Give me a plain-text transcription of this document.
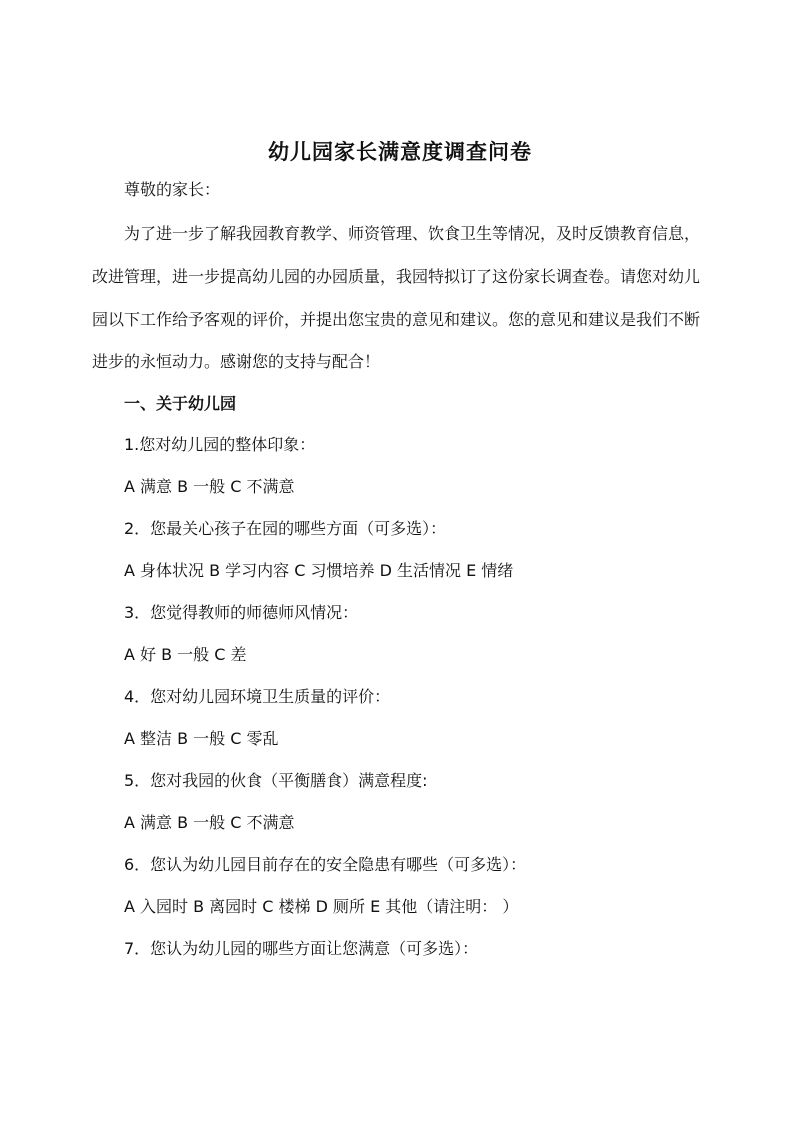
幼儿园家长满意度调查问卷
尊敬的家长：
为了进一步了解我园教育教学、师资管理、饮食卫生等情况，及时反馈教育信息，
改进管理，进一步提高幼儿园的办园质量，我园特拟订了这份家长调查卷。请您对幼儿
园以下工作给予客观的评价，并提出您宝贵的意见和建议。您的意见和建议是我们不断
进步的永恒动力。感谢您的支持与配合！
一、关于幼儿园
1.您对幼儿园的整体印象：
A 满意 B 一般 C 不满意
2．您最关心孩子在园的哪些方面（可多选）：
A 身体状况 B 学习内容 C 习惯培养 D 生活情况 E 情绪
3．您觉得教师的师德师风情况：
A 好 B 一般 C 差
4．您对幼儿园环境卫生质量的评价：
A 整洁 B 一般 C 零乱
5．您对我园的伙食（平衡膳食）满意程度:
A 满意 B 一般 C 不满意
6．您认为幼儿园目前存在的安全隐患有哪些（可多选）：
A 入园时 B 离园时 C 楼梯 D 厕所 E 其他（请注明： ）
7．您认为幼儿园的哪些方面让您满意（可多选）：
